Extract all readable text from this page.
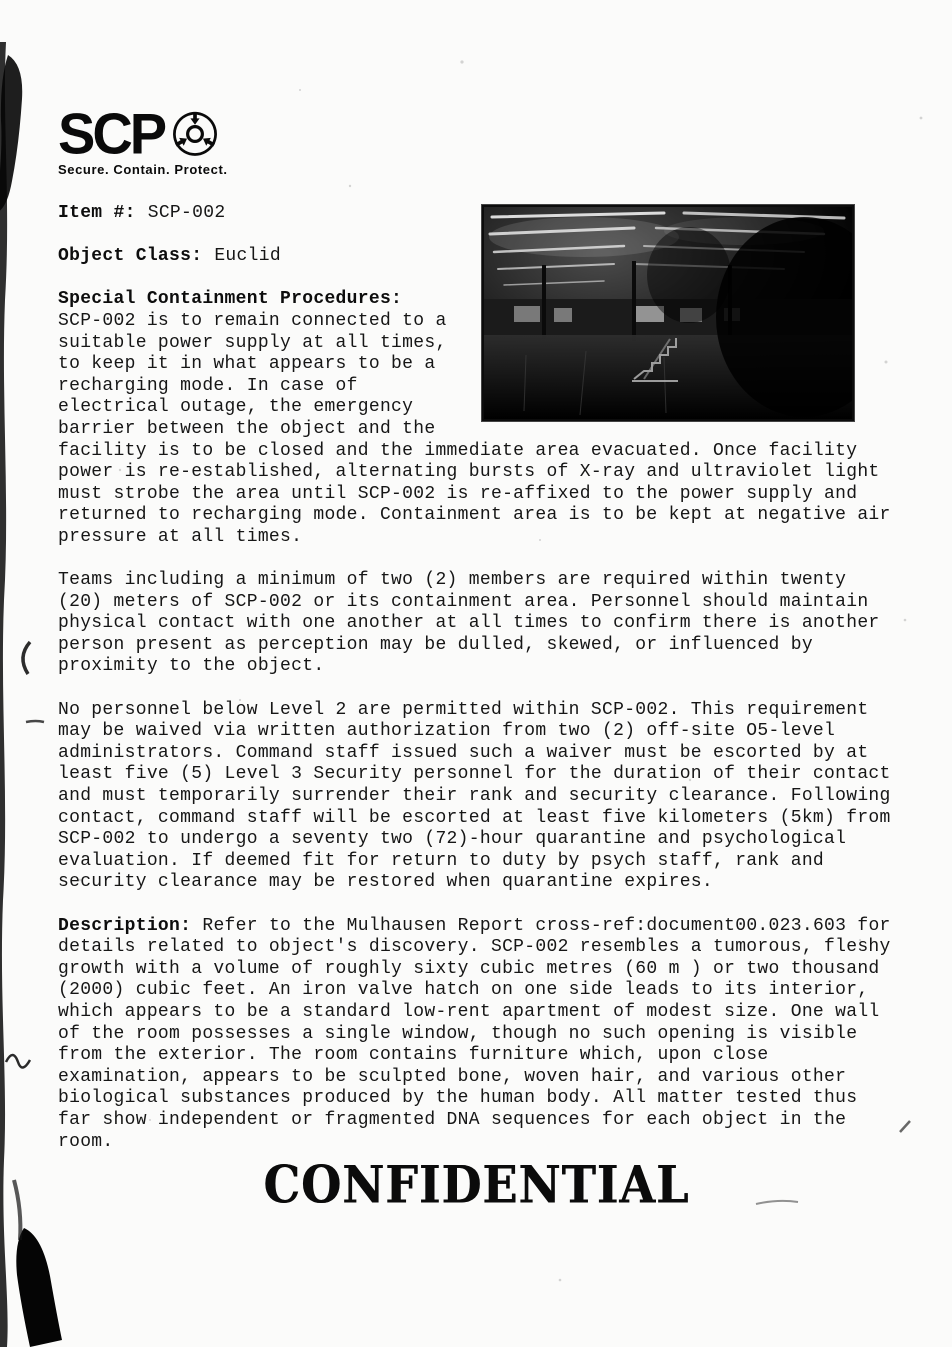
SCP
Secure. Contain. Protect.

Item #: SCP-002

Object Class: Euclid

Special Containment Procedures:
SCP-002 is to remain connected to a suitable power supply at all times, to keep it in what appears to be a recharging mode. In case of electrical outage, the emergency barrier between the object and the facility is to be closed and the immediate area evacuated. Once facility power is re-established, alternating bursts of X-ray and ultraviolet light must strobe the area until SCP-002 is re-affixed to the power supply and returned to recharging mode. Containment area is to be kept at negative air pressure at all times.

Teams including a minimum of two (2) members are required within twenty (20) meters of SCP-002 or its containment area. Personnel should maintain physical contact with one another at all times to confirm there is another person present as perception may be dulled, skewed, or influenced by proximity to the object.

No personnel below Level 2 are permitted within SCP-002. This requirement may be waived via written authorization from two (2) off-site O5-level administrators. Command staff issued such a waiver must be escorted by at least five (5) Level 3 Security personnel for the duration of their contact and must temporarily surrender their rank and security clearance. Following contact, command staff will be escorted at least five kilometers (5km) from SCP-002 to undergo a seventy two (72)-hour quarantine and psychological evaluation. If deemed fit for return to duty by psych staff, rank and security clearance may be restored when quarantine expires.

Description: Refer to the Mulhausen Report cross-ref:document00.023.603 for details related to object's discovery. SCP-002 resembles a tumorous, fleshy growth with a volume of roughly sixty cubic metres (60 m ) or two thousand (2000) cubic feet. An iron valve hatch on one side leads to its interior, which appears to be a standard low-rent apartment of modest size. One wall of the room possesses a single window, though no such opening is visible from the exterior. The room contains furniture which, upon close examination, appears to be sculpted bone, woven hair, and various other biological substances produced by the human body. All matter tested thus far show independent or fragmented DNA sequences for each object in the room.

CONFIDENTIAL
